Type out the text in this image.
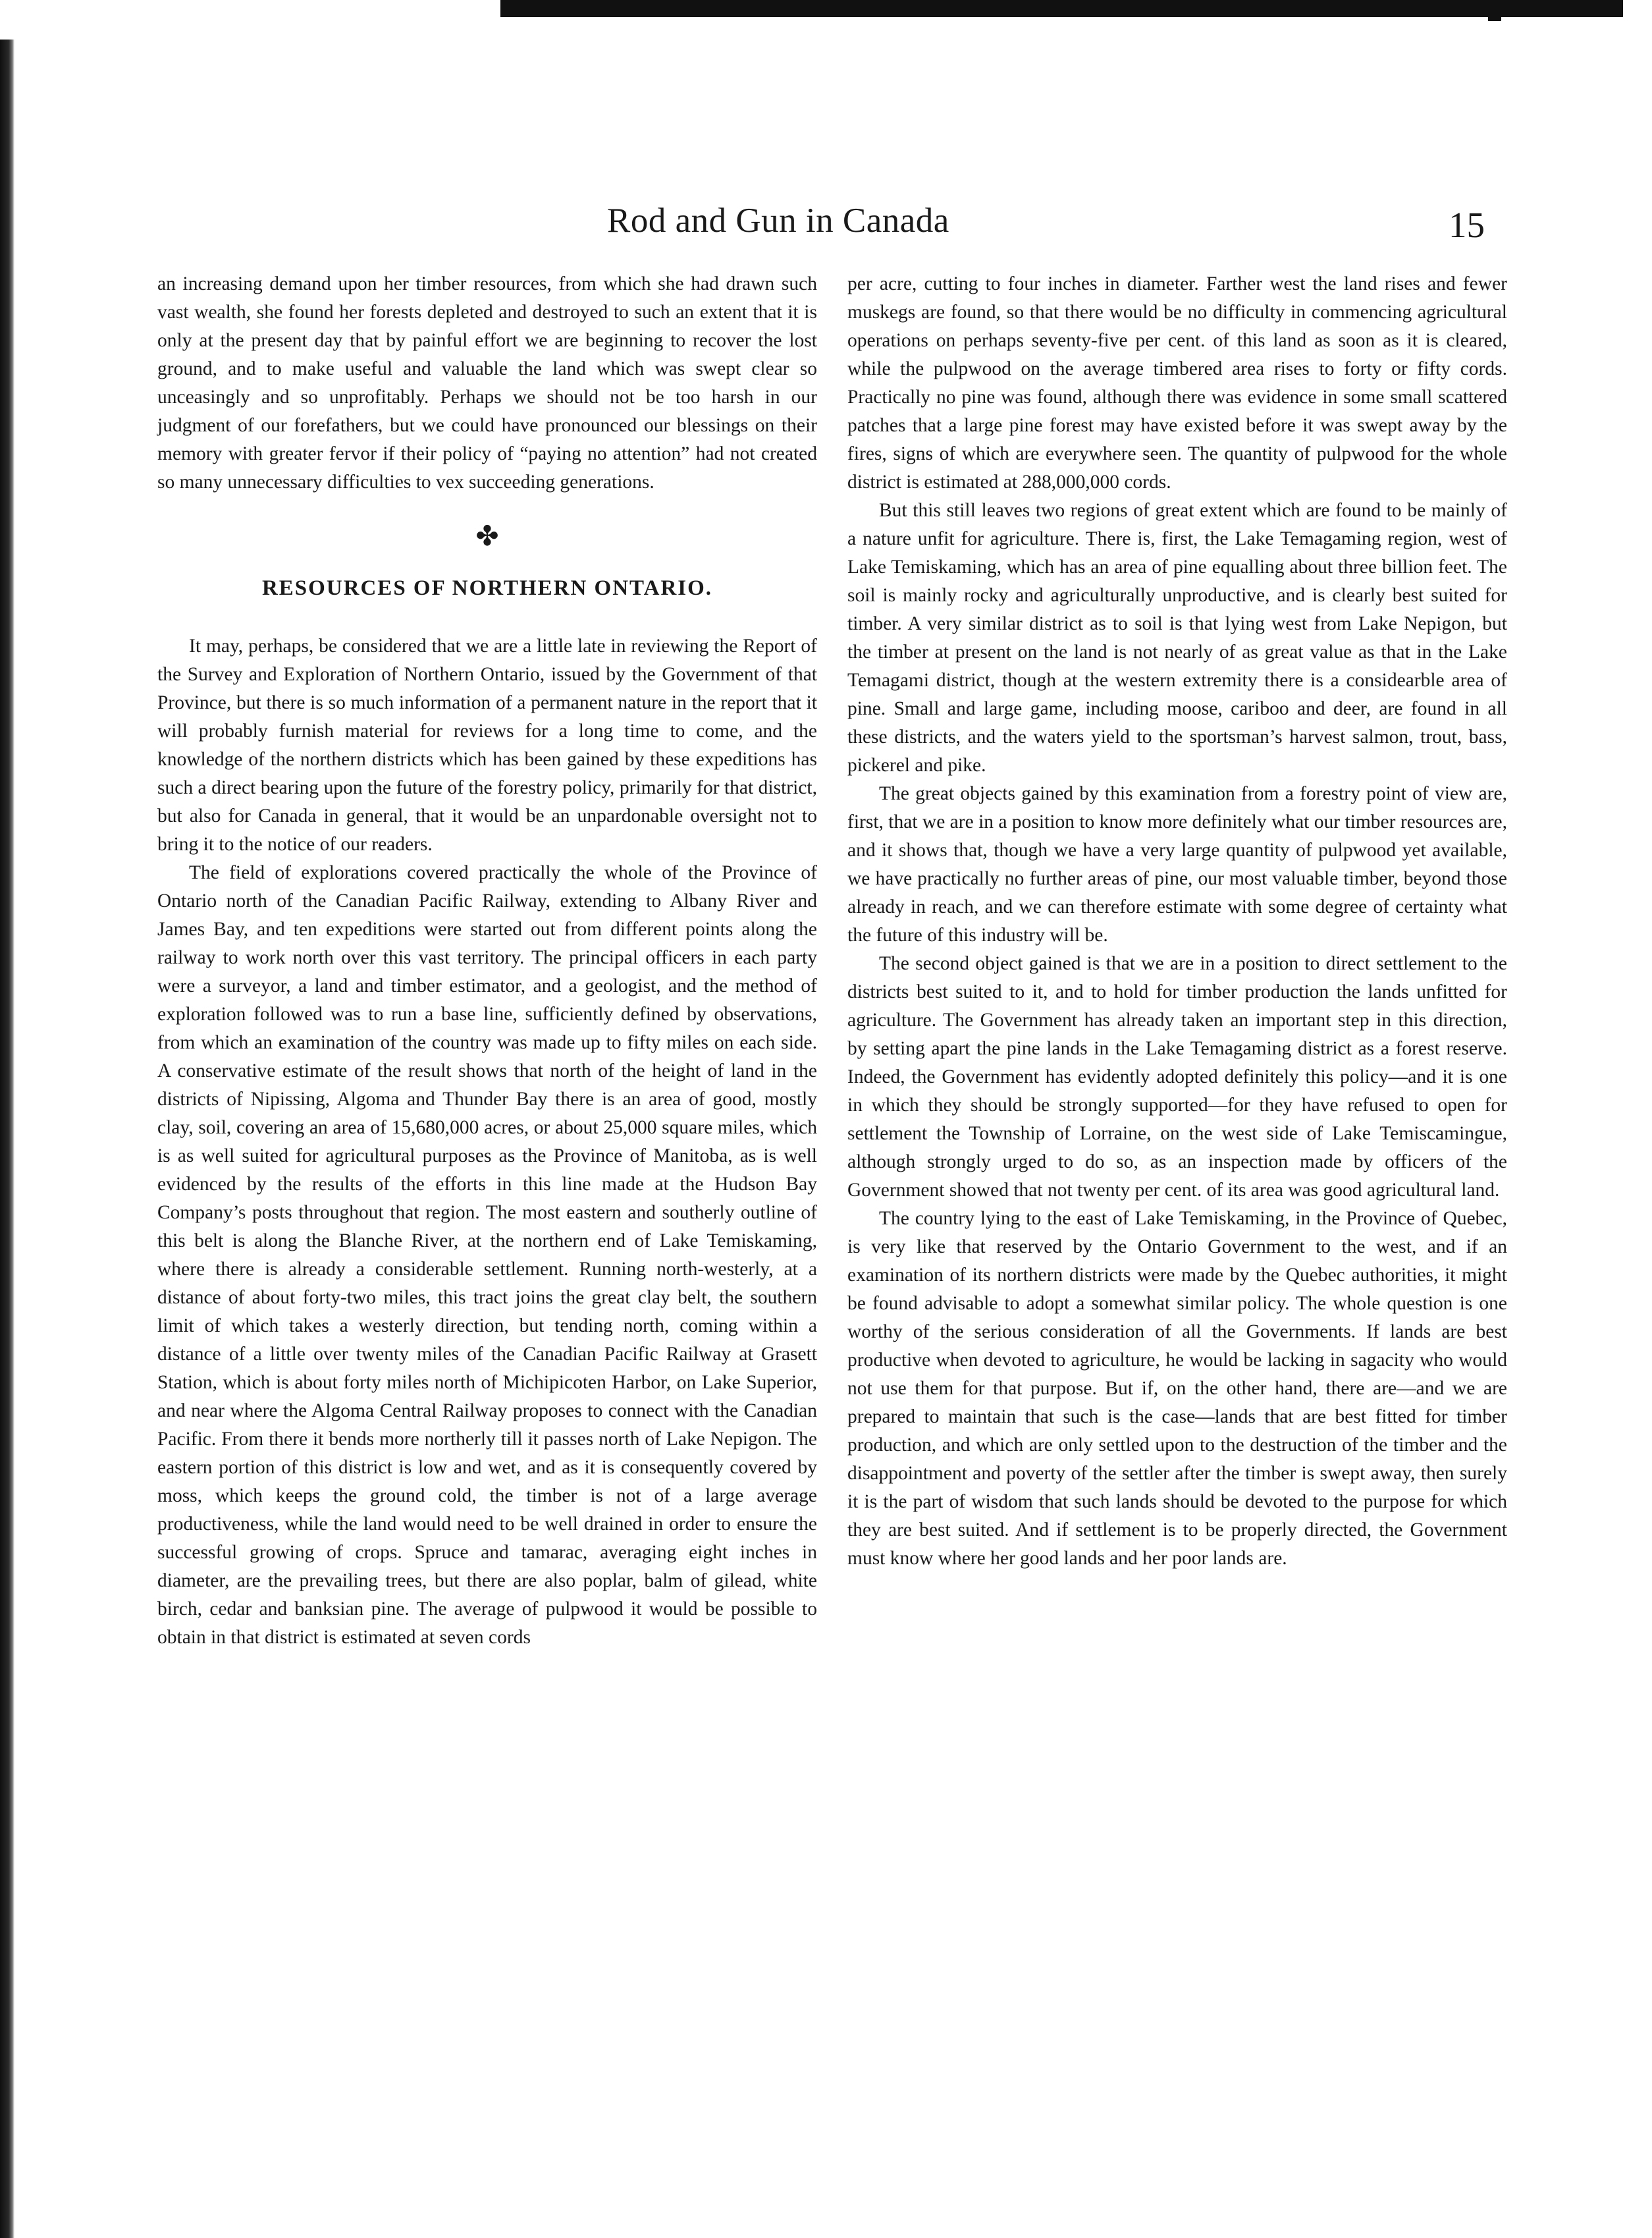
Rod and Gun in Canada	15

an increasing demand upon her timber resources, from which she had drawn such vast wealth, she found her forests depleted and destroyed to such an extent that it is only at the present day that by painful effort we are beginning to recover the lost ground, and to make useful and valuable the land which was swept clear so unceasingly and so unprofitably. Perhaps we should not be too harsh in our judgment of our forefathers, but we could have pronounced our blessings on their memory with greater fervor if their policy of “paying no attention” had not created so many unnecessary difficulties to vex succeeding generations.

✤
RESOURCES OF NORTHERN ONTARIO.

It may, perhaps, be considered that we are a little late in reviewing the Report of the Survey and Exploration of Northern Ontario, issued by the Government of that Province, but there is so much information of a permanent nature in the report that it will probably furnish material for reviews for a long time to come, and the knowledge of the northern districts which has been gained by these expeditions has such a direct bearing upon the future of the forestry policy, primarily for that district, but also for Canada in general, that it would be an unpardonable oversight not to bring it to the notice of our readers.

The field of explorations covered practically the whole of the Province of Ontario north of the Canadian Pacific Railway, extending to Albany River and James Bay, and ten expeditions were started out from different points along the railway to work north over this vast territory. The principal officers in each party were a surveyor, a land and timber estimator, and a geologist, and the method of exploration followed was to run a base line, sufficiently defined by observations, from which an examination of the country was made up to fifty miles on each side. A conservative estimate of the result shows that north of the height of land in the districts of Nipissing, Algoma and Thunder Bay there is an area of good, mostly clay, soil, covering an area of 15,680,000 acres, or about 25,000 square miles, which is as well suited for agricultural purposes as the Province of Manitoba, as is well evidenced by the results of the efforts in this line made at the Hudson Bay Company’s posts throughout that region. The most eastern and southerly outline of this belt is along the Blanche River, at the northern end of Lake Temiskaming, where there is already a considerable settlement. Running north-westerly, at a distance of about forty-two miles, this tract joins the great clay belt, the southern limit of which takes a westerly direction, but tending north, coming within a distance of a little over twenty miles of the Canadian Pacific Railway at Grasett Station, which is about forty miles north of Michipicoten Harbor, on Lake Superior, and near where the Algoma Central Railway proposes to connect with the Canadian Pacific. From there it bends more northerly till it passes north of Lake Nepigon. The eastern portion of this district is low and wet, and as it is consequently covered by moss, which keeps the ground cold, the timber is not of a large average productiveness, while the land would need to be well drained in order to ensure the successful growing of crops. Spruce and tamarac, averaging eight inches in diameter, are the prevailing trees, but there are also poplar, balm of gilead, white birch, cedar and banksian pine. The average of pulpwood it would be possible to obtain in that district is estimated at seven cords

per acre, cutting to four inches in diameter. Farther west the land rises and fewer muskegs are found, so that there would be no difficulty in commencing agricultural operations on perhaps seventy-five per cent. of this land as soon as it is cleared, while the pulpwood on the average timbered area rises to forty or fifty cords. Practically no pine was found, although there was evidence in some small scattered patches that a large pine forest may have existed before it was swept away by the fires, signs of which are everywhere seen. The quantity of pulpwood for the whole district is estimated at 288,000,000 cords.

But this still leaves two regions of great extent which are found to be mainly of a nature unfit for agriculture. There is, first, the Lake Temagaming region, west of Lake Temiskaming, which has an area of pine equalling about three billion feet. The soil is mainly rocky and agriculturally unproductive, and is clearly best suited for timber. A very similar district as to soil is that lying west from Lake Nepigon, but the timber at present on the land is not nearly of as great value as that in the Lake Temagami district, though at the western extremity there is a considearble area of pine. Small and large game, including moose, cariboo and deer, are found in all these districts, and the waters yield to the sportsman’s harvest salmon, trout, bass, pickerel and pike.

The great objects gained by this examination from a forestry point of view are, first, that we are in a position to know more definitely what our timber resources are, and it shows that, though we have a very large quantity of pulpwood yet available, we have practically no further areas of pine, our most valuable timber, beyond those already in reach, and we can therefore estimate with some degree of certainty what the future of this industry will be.

The second object gained is that we are in a position to direct settlement to the districts best suited to it, and to hold for timber production the lands unfitted for agriculture. The Government has already taken an important step in this direction, by setting apart the pine lands in the Lake Temagaming district as a forest reserve. Indeed, the Government has evidently adopted definitely this policy—and it is one in which they should be strongly supported—for they have refused to open for settlement the Township of Lorraine, on the west side of Lake Temiscamingue, although strongly urged to do so, as an inspection made by officers of the Government showed that not twenty per cent. of its area was good agricultural land.

The country lying to the east of Lake Temiskaming, in the Province of Quebec, is very like that reserved by the Ontario Government to the west, and if an examination of its northern districts were made by the Quebec authorities, it might be found advisable to adopt a somewhat similar policy. The whole question is one worthy of the serious consideration of all the Governments. If lands are best productive when devoted to agriculture, he would be lacking in sagacity who would not use them for that purpose. But if, on the other hand, there are—and we are prepared to maintain that such is the case—lands that are best fitted for timber production, and which are only settled upon to the destruction of the timber and the disappointment and poverty of the settler after the timber is swept away, then surely it is the part of wisdom that such lands should be devoted to the purpose for which they are best suited. And if settlement is to be properly directed, the Government must know where her good lands and her poor lands are.
